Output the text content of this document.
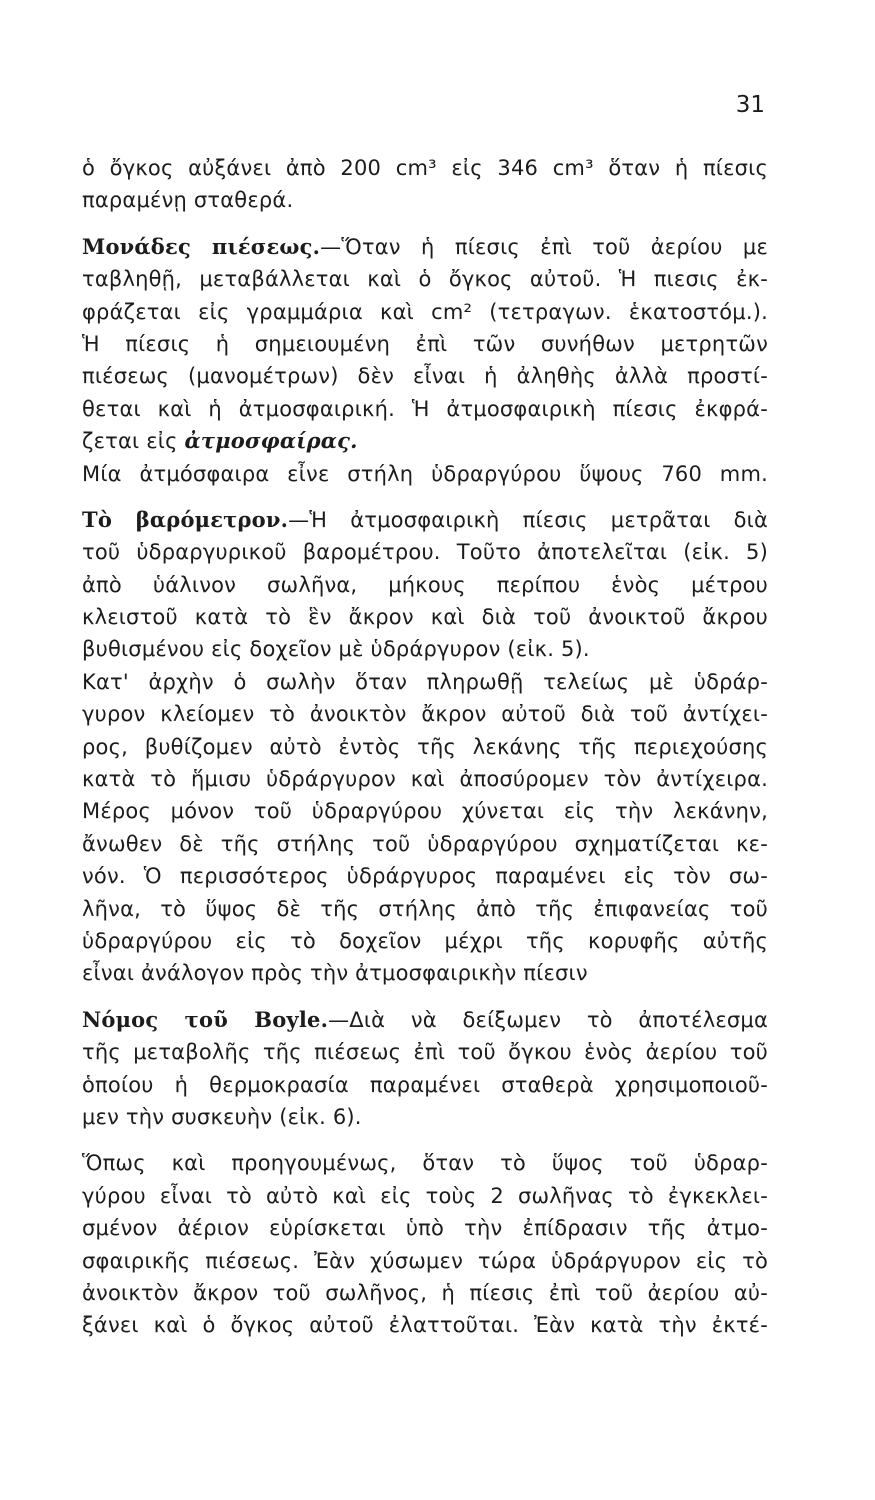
31
ὁ ὄγκος αὐξάνει ἀπὸ 200 cm³ εἰς 346 cm³ ὅταν ἡ πίεσις
παραμένῃ σταθερά.
Μονάδες πιέσεως.—Ὅταν ἡ πίεσις ἐπὶ τοῦ ἀερίου με
ταβληθῇ, μεταβάλλεται καὶ ὁ ὄγκος αὐτοῦ. Ἡ πιεσις ἐκ-
φράζεται εἰς γραμμάρια καὶ cm² (τετραγων. ἑκατοστόμ.).
Ἡ πίεσις ἡ σημειουμένη ἐπὶ τῶν συνήθων μετρητῶν
πιέσεως (μανομέτρων) δὲν εἶναι ἡ ἀληθὴς ἀλλὰ προστί-
θεται καὶ ἡ ἀτμοσφαιρική. Ἡ ἀτμοσφαιρικὴ πίεσις ἐκφρά-
ζεται εἰς ἀτμοσφαίρας.
Μία ἀτμόσφαιρα εἶνε στήλη ὑδραργύρου ὕψους 760 mm.
Τὸ βαρόμετρον.—Ἡ ἀτμοσφαιρικὴ πίεσις μετρᾶται διὰ
τοῦ ὑδραργυρικοῦ βαρομέτρου. Τοῦτο ἀποτελεῖται (εἰκ. 5)
ἀπὸ ὑάλινον σωλῆνα, μήκους περίπου ἑνὸς μέτρου
κλειστοῦ κατὰ τὸ ἓν ἄκρον καὶ διὰ τοῦ ἀνοικτοῦ ἄκρου
βυθισμένου εἰς δοχεῖον μὲ ὑδράργυρον (εἰκ. 5).
Κατ' ἀρχὴν ὁ σωλὴν ὅταν πληρωθῇ τελείως μὲ ὑδράρ-
γυρον κλείομεν τὸ ἀνοικτὸν ἄκρον αὐτοῦ διὰ τοῦ ἀντίχει-
ρος, βυθίζομεν αὐτὸ ἐντὸς τῆς λεκάνης τῆς περιεχούσης
κατὰ τὸ ἥμισυ ὑδράργυρον καὶ ἀποσύρομεν τὸν ἀντίχειρα.
Μέρος μόνον τοῦ ὑδραργύρου χύνεται εἰς τὴν λεκάνην,
ἄνωθεν δὲ τῆς στήλης τοῦ ὑδραργύρου σχηματίζεται κε-
νόν. Ὁ περισσότερος ὑδράργυρος παραμένει εἰς τὸν σω-
λῆνα, τὸ ὕψος δὲ τῆς στήλης ἀπὸ τῆς ἐπιφανείας τοῦ
ὑδραργύρου εἰς τὸ δοχεῖον μέχρι τῆς κορυφῆς αὐτῆς
εἶναι ἀνάλογον πρὸς τὴν ἀτμοσφαιρικὴν πίεσιν
Νόμος τοῦ Boyle.—Διὰ νὰ δείξωμεν τὸ ἀποτέλεσμα
τῆς μεταβολῆς τῆς πιέσεως ἐπὶ τοῦ ὄγκου ἑνὸς ἀερίου τοῦ
ὁποίου ἡ θερμοκρασία παραμένει σταθερὰ χρησιμοποιοῦ-
μεν τὴν συσκευὴν (εἰκ. 6).
Ὅπως καὶ προηγουμένως, ὅταν τὸ ὕψος τοῦ ὑδραρ-
γύρου εἶναι τὸ αὐτὸ καὶ εἰς τοὺς 2 σωλῆνας τὸ ἐγκεκλει-
σμένον ἀέριον εὑρίσκεται ὑπὸ τὴν ἐπίδρασιν τῆς ἀτμο-
σφαιρικῆς πιέσεως. Ἐὰν χύσωμεν τώρα ὑδράργυρον εἰς τὸ
ἀνοικτὸν ἄκρον τοῦ σωλῆνος, ἡ πίεσις ἐπὶ τοῦ ἀερίου αὐ-
ξάνει καὶ ὁ ὄγκος αὐτοῦ ἐλαττοῦται. Ἐὰν κατὰ τὴν ἐκτέ-
